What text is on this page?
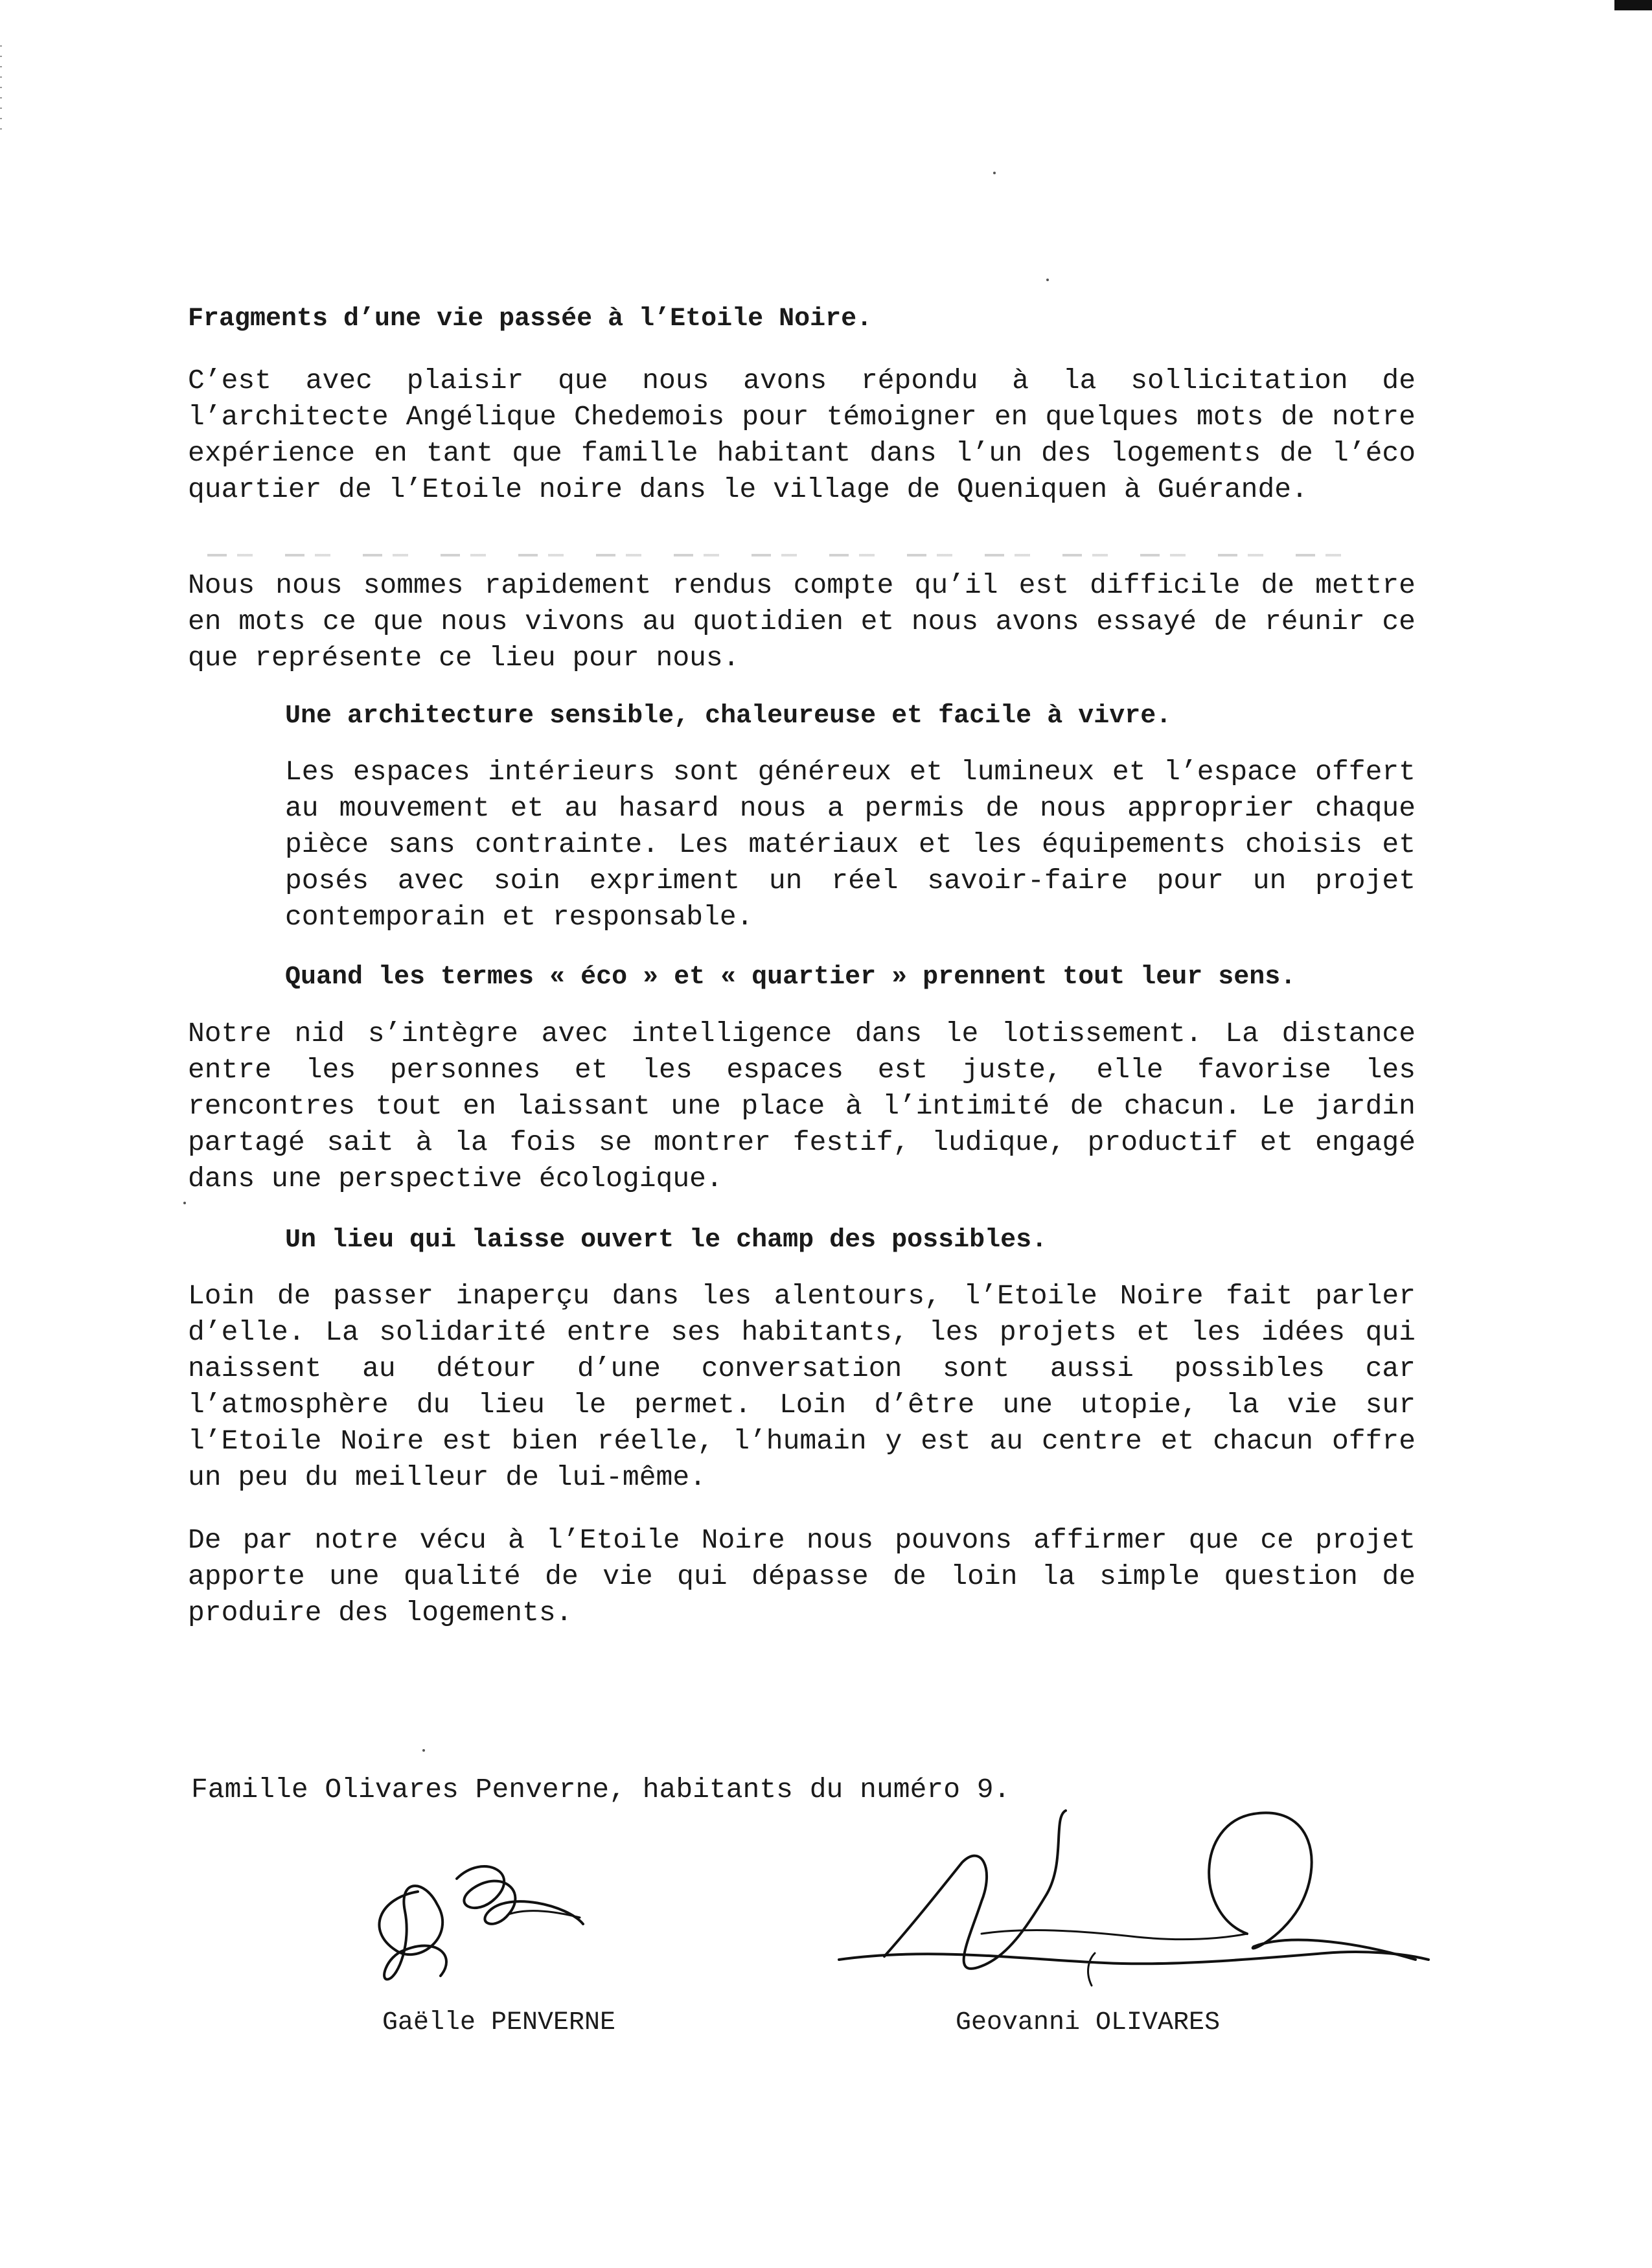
Fragments d’une vie passée à l’Etoile Noire.

C’est avec plaisir que nous avons répondu à la sollicitation de l’architecte Angélique Chedemois pour témoigner en quelques mots de notre expérience en tant que famille habitant dans l’un des logements de l’éco quartier de l’Etoile noire dans le village de Queniquen à Guérande.

Nous nous sommes rapidement rendus compte qu’il est difficile de mettre en mots ce que nous vivons au quotidien et nous avons essayé de réunir ce que représente ce lieu pour nous.

Une architecture sensible, chaleureuse et facile à vivre.

Les espaces intérieurs sont généreux et lumineux et l’espace offert au mouvement et au hasard nous a permis de nous approprier chaque pièce sans contrainte. Les matériaux et les équipements choisis et posés avec soin expriment un réel savoir-faire pour un projet contemporain et responsable.

Quand les termes « éco » et « quartier » prennent tout leur sens.

Notre nid s’intègre avec intelligence dans le lotissement. La distance entre les personnes et les espaces est juste, elle favorise les rencontres tout en laissant une place à l’intimité de chacun. Le jardin partagé sait à la fois se montrer festif, ludique, productif et engagé dans une perspective écologique.

Un lieu qui laisse ouvert le champ des possibles.

Loin de passer inaperçu dans les alentours, l’Etoile Noire fait parler d’elle. La solidarité entre ses habitants, les projets et les idées qui naissent au détour d’une conversation sont aussi possibles car l’atmosphère du lieu le permet. Loin d’être une utopie, la vie sur l’Etoile Noire est bien réelle, l’humain y est au centre et chacun offre un peu du meilleur de lui-même.

De par notre vécu à l’Etoile Noire nous pouvons affirmer que ce projet apporte une qualité de vie qui dépasse de loin la simple question de produire des logements.

Famille Olivares Penverne, habitants du numéro 9.

Gaëlle PENVERNE	Geovanni OLIVARES
